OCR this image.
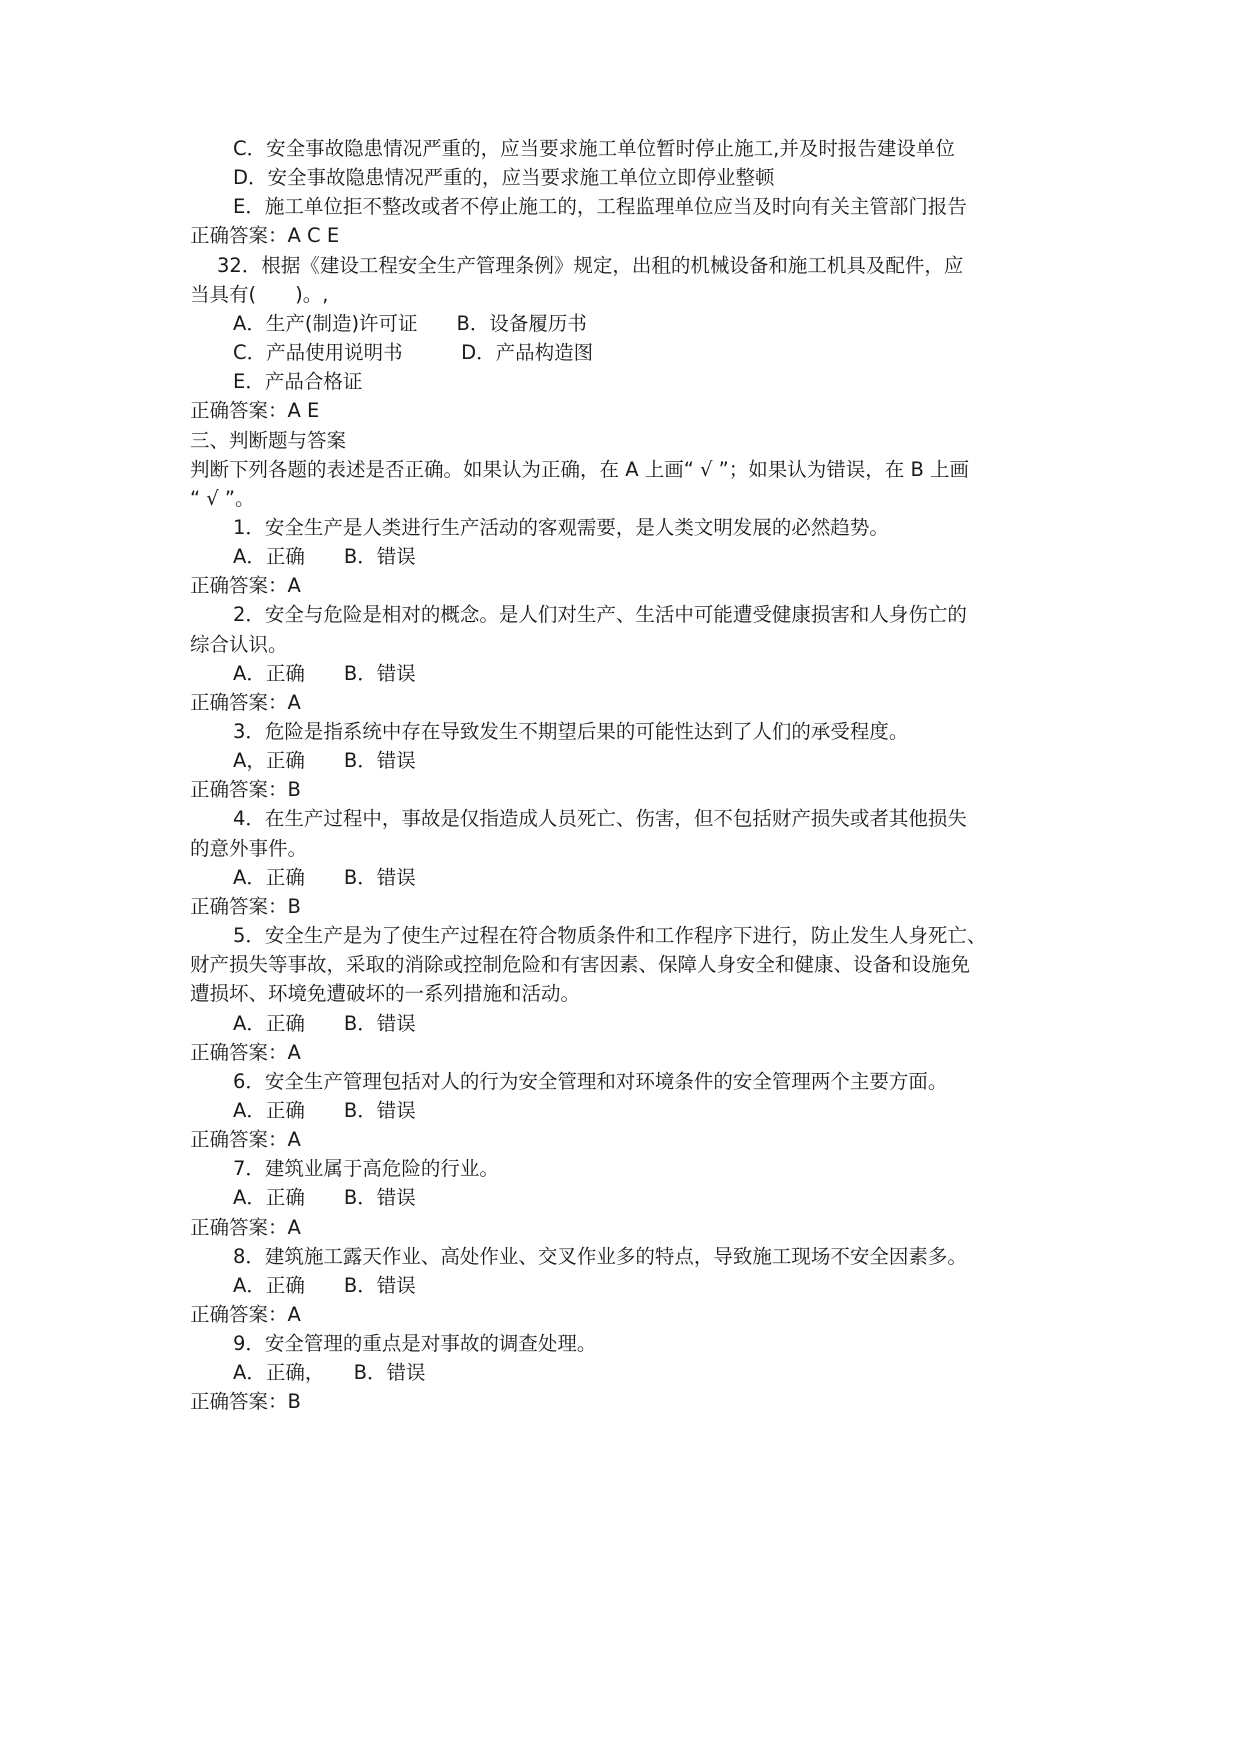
C．安全事故隐患情况严重的，应当要求施工单位暂时停止施工,并及时报告建设单位
D．安全事故隐患情况严重的，应当要求施工单位立即停业整顿
E．施工单位拒不整改或者不停止施工的，工程监理单位应当及时向有关主管部门报告
正确答案：A C E
32．根据《建设工程安全生产管理条例》规定，出租的机械设备和施工机具及配件，应
当具有(　　)。,
A．生产(制造)许可证　　B．设备履历书
C．产品使用说明书　　　D．产品构造图
E．产品合格证
正确答案：A E
三、判断题与答案
判断下列各题的表述是否正确。如果认为正确，在 A 上画“ √ ”；如果认为错误，在 B 上画
“ √ ”。
1．安全生产是人类进行生产活动的客观需要，是人类文明发展的必然趋势。
A．正确　　B．错误
正确答案：A
2．安全与危险是相对的概念。是人们对生产、生活中可能遭受健康损害和人身伤亡的
综合认识。
A．正确　　B．错误
正确答案：A
3．危险是指系统中存在导致发生不期望后果的可能性达到了人们的承受程度。
A，正确　　B．错误
正确答案：B
4．在生产过程中，事故是仅指造成人员死亡、伤害，但不包括财产损失或者其他损失
的意外事件。
A．正确　　B．错误
正确答案：B
5．安全生产是为了使生产过程在符合物质条件和工作程序下进行，防止发生人身死亡、
财产损失等事故，采取的消除或控制危险和有害因素、保障人身安全和健康、设备和设施免
遭损坏、环境免遭破坏的一系列措施和活动。
A．正确　　B．错误
正确答案：A
6．安全生产管理包括对人的行为安全管理和对环境条件的安全管理两个主要方面。
A．正确　　B．错误
正确答案：A
7．建筑业属于高危险的行业。
A．正确　　B．错误
正确答案：A
8．建筑施工露天作业、高处作业、交叉作业多的特点，导致施工现场不安全因素多。
A．正确　　B．错误
正确答案：A
9．安全管理的重点是对事故的调查处理。
A．正确，　　B．错误
正确答案：B
